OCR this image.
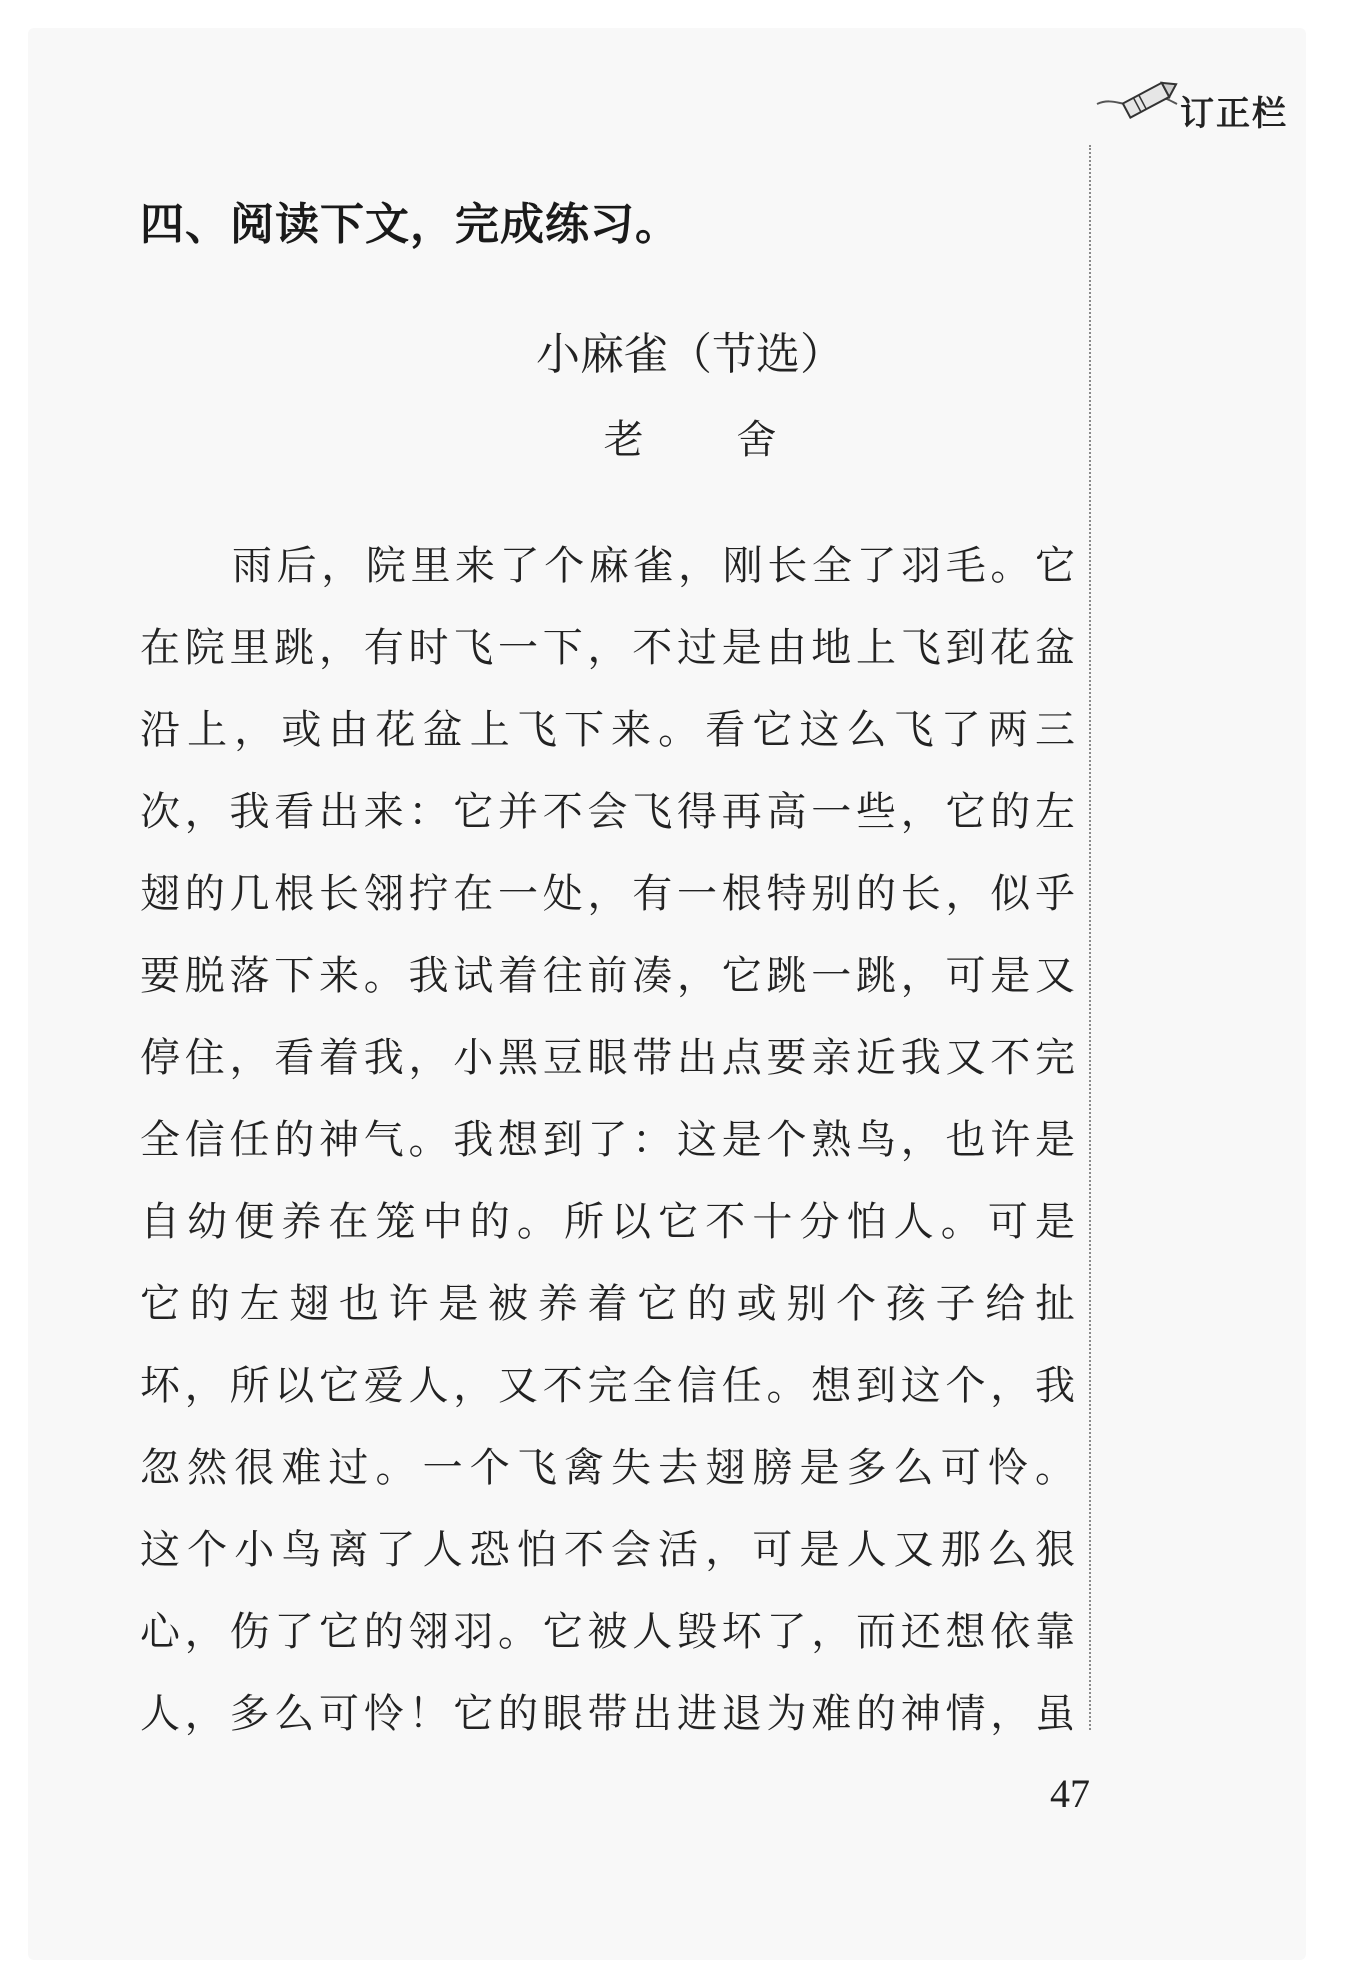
订正栏
四、阅读下文，完成练习。
小麻雀（节选）
老 舍
雨后，院里来了个麻雀，刚长全了羽毛。它
在院里跳，有时飞一下，不过是由地上飞到花盆
沿上，或由花盆上飞下来。看它这么飞了两三
次，我看出来：它并不会飞得再高一些，它的左
翅的几根长翎拧在一处，有一根特别的长，似乎
要脱落下来。我试着往前凑，它跳一跳，可是又
停住，看着我，小黑豆眼带出点要亲近我又不完
全信任的神气。我想到了：这是个熟鸟，也许是
自幼便养在笼中的。所以它不十分怕人。可是
它的左翅也许是被养着它的或别个孩子给扯
坏，所以它爱人，又不完全信任。想到这个，我
忽然很难过。一个飞禽失去翅膀是多么可怜。
这个小鸟离了人恐怕不会活，可是人又那么狠
心，伤了它的翎羽。它被人毁坏了，而还想依靠
人，多么可怜！它的眼带出进退为难的神情，虽
47
